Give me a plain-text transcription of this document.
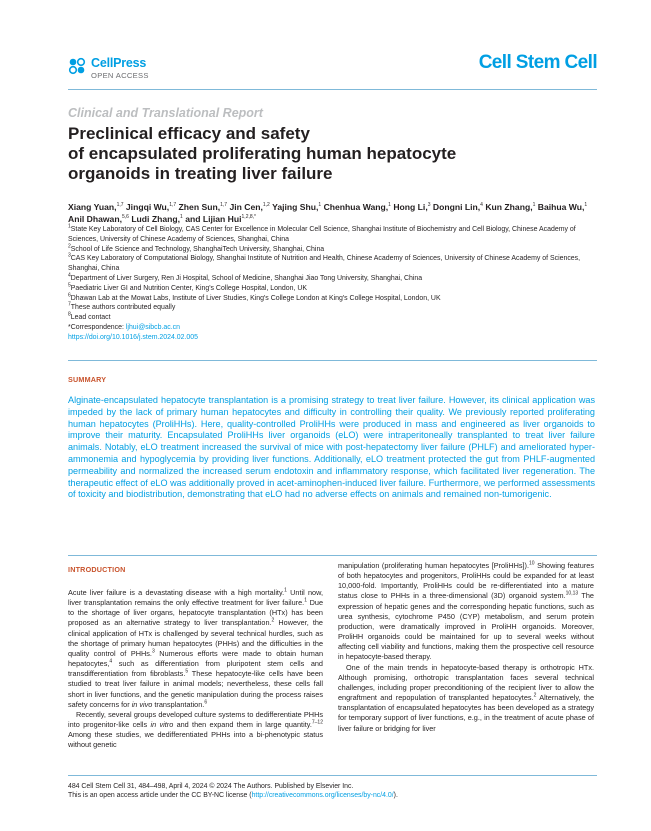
CellPress
OPEN ACCESS
Cell Stem Cell
Clinical and Translational Report
Preclinical efficacy and safety
of encapsulated proliferating human hepatocyte
organoids in treating liver failure
Xiang Yuan,$^{1,7}$ Jingqi Wu,$^{1,7}$ Zhen Sun,$^{1,7}$ Jin Cen,$^{1,2}$ Yajing Shu,$^1$ Chenhua Wang,$^1$ Hong Li,$^3$ Dongni Lin,$^4$ Kun Zhang,$^1$ Baihua Wu,$^1$ Anil Dhawan,$^{5,6}$ Ludi Zhang,$^1$ and Lijian Hui$^{1,2,8,*}$
$^1$State Key Laboratory of Cell Biology, CAS Center for Excellence in Molecular Cell Science, Shanghai Institute of Biochemistry and Cell Biology, Chinese Academy of Sciences, University of Chinese Academy of Sciences, Shanghai, China
$^2$School of Life Science and Technology, ShanghaiTech University, Shanghai, China
$^3$CAS Key Laboratory of Computational Biology, Shanghai Institute of Nutrition and Health, Chinese Academy of Sciences, University of Chinese Academy of Sciences, Shanghai, China
$^4$Department of Liver Surgery, Ren Ji Hospital, School of Medicine, Shanghai Jiao Tong University, Shanghai, China
$^5$Paediatric Liver GI and Nutrition Center, King's College Hospital, London, UK
$^6$Dhawan Lab at the Mowat Labs, Institute of Liver Studies, King's College London at King's College Hospital, London, UK
$^7$These authors contributed equally
$^8$Lead contact
*Correspondence: ljhui@sibcb.ac.cn
https://doi.org/10.1016/j.stem.2024.02.005
SUMMARY

Alginate-encapsulated hepatocyte transplantation is a promising strategy to treat liver failure. However, its clinical application was impeded by the lack of primary human hepatocytes and difficulty in controlling their quality. We previously reported proliferating human hepatocytes (ProliHHs). Here, quality-controlled ProliHHs were produced in mass and engineered as liver organoids to improve their maturity. Encapsulated ProliHHs liver organoids (eLO) were intraperitoneally transplanted to treat liver failure animals. Notably, eLO treatment increased the survival of mice with post-hepatectomy liver failure (PHLF) and ameliorated hyper-ammonemia and hypoglycemia by providing liver functions. Additionally, eLO treatment protected the gut from PHLF-augmented permeability and normalized the increased serum endotoxin and inflammatory response, which facilitated liver regeneration. The therapeutic effect of eLO was additionally proved in acet-aminophen-induced liver failure. Furthermore, we performed assessments of toxicity and biodistribution, demonstrating that eLO had no adverse effects on animals and remained non-tumorigenic.

INTRODUCTION

Acute liver failure is a devastating disease with a high mortality.$^1$ Until now, liver transplantation remains the only effective treatment for liver failure.$^1$ Due to the shortage of liver organs, hepatocyte transplantation (HTx) has been proposed as an alternative strategy to liver transplantation.$^2$ However, the clinical application of HTx is challenged by several technical hurdles, such as the shortage of primary human hepatocytes (PHHs) and the difficulties in the quality control of PHHs.$^3$ Numerous efforts were made to obtain human hepatocytes,$^4$ such as differentiation from pluripotent stem cells and transdifferentiation from fibroblasts.$^5$ These hepatocyte-like cells have been studied to treat liver failure in animal models; nevertheless, these cells fall short in liver functions, and the genetic manipulation during the process raises safety concerns for in vivo transplantation.$^6$

Recently, several groups developed culture systems to dedifferentiate PHHs into progenitor-like cells in vitro and then expand them in large quantity.$^{7-12}$ Among these studies, we dedifferentiated PHHs into a bi-phenotypic status without genetic

manipulation (proliferating human hepatocytes [ProliHHs]).$^{10}$ Showing features of both hepatocytes and progenitors, ProliHHs could be expanded for at least 10,000-fold. Importantly, ProliHHs could be re-differentiated into a mature status close to PHHs in a three-dimensional (3D) organoid system.$^{10,13}$ The expression of hepatic genes and the corresponding hepatic functions, such as urea synthesis, cytochrome P450 (CYP) metabolism, and serum protein production, were dramatically improved in ProliHH organoids. Moreover, ProliHH organoids could be maintained for up to several weeks without affecting cell viability and functions, making them the prospective cell resource in hepatocyte-based therapy.

One of the main trends in hepatocyte-based therapy is orthotropic HTx. Although promising, orthotropic transplantation faces several technical challenges, including proper preconditioning of the recipient liver to allow the engraftment and repopulation of transplanted hepatocytes.$^2$ Alternatively, the transplantation of encapsulated hepatocytes has been developed as a strategy for temporary support of liver functions, e.g., in the treatment of acute phase of liver failure or bridging for liver

484 Cell Stem Cell 31, 484–498, April 4, 2024 © 2024 The Authors. Published by Elsevier Inc.
This is an open access article under the CC BY-NC license (http://creativecommons.org/licenses/by-nc/4.0/).
